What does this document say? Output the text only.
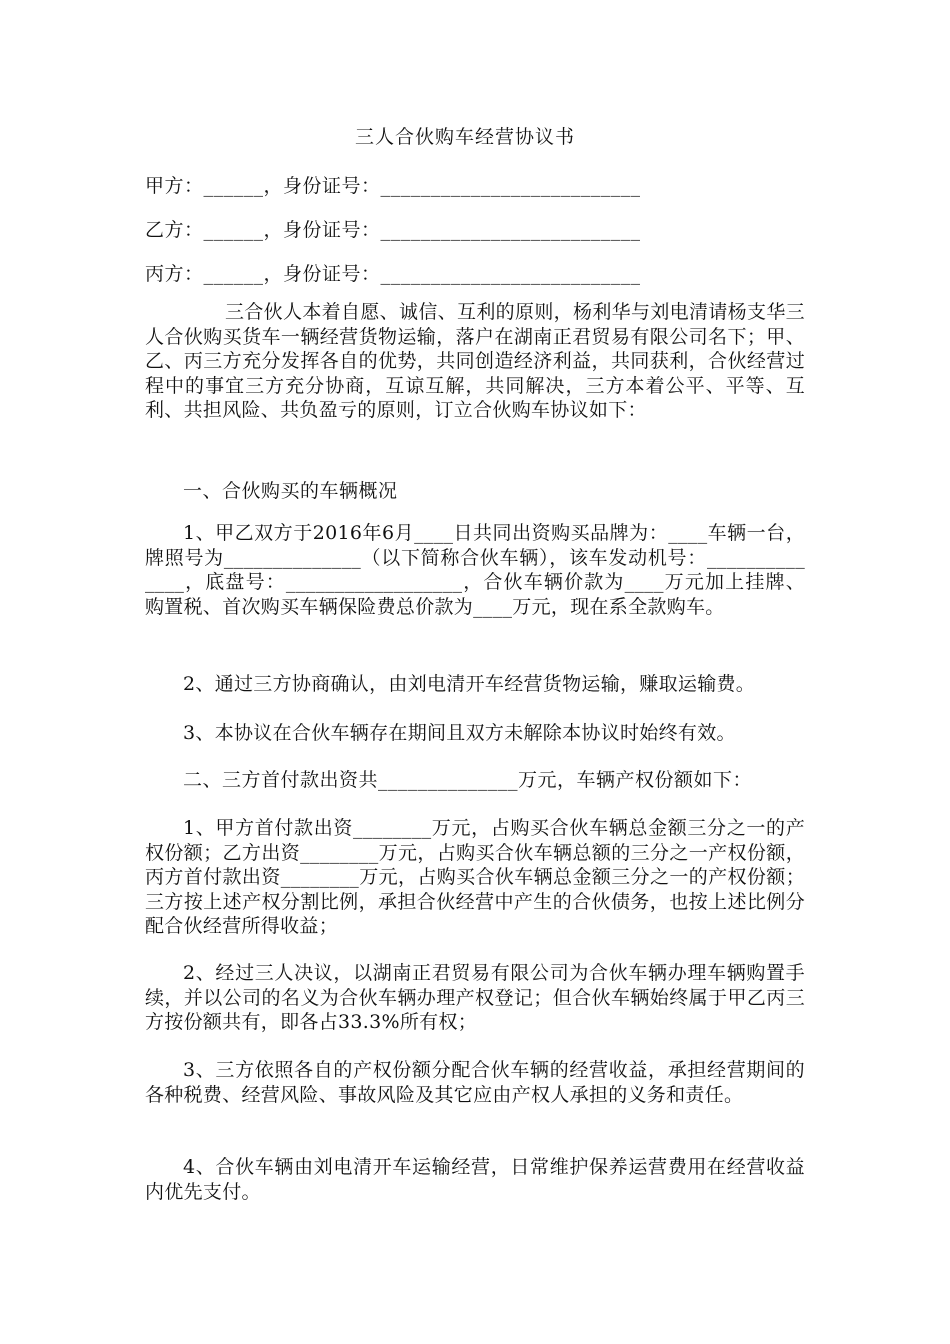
三人合伙购车经营协议书
甲方：______，身份证号：__________________________
乙方：______，身份证号：__________________________
丙方：______，身份证号：__________________________
三合伙人本着自愿、诚信、互利的原则，杨利华与刘电清请杨支华三人合伙购买货车一辆经营货物运输，落户在湖南正君贸易有限公司名下；甲、乙、丙三方充分发挥各自的优势，共同创造经济利益，共同获利，合伙经营过程中的事宜三方充分协商，互谅互解，共同解决，三方本着公平、平等、互利、共担风险、共负盈亏的原则，订立合伙购车协议如下：
一、合伙购买的车辆概况
1、甲乙双方于2016年6月____日共同出资购买品牌为：____车辆一台，牌照号为______________（以下简称合伙车辆），该车发动机号：______________，底盘号：__________________，合伙车辆价款为____万元加上挂牌、购置税、首次购买车辆保险费总价款为____万元，现在系全款购车。
2、通过三方协商确认，由刘电清开车经营货物运输，赚取运输费。
3、本协议在合伙车辆存在期间且双方未解除本协议时始终有效。
二、三方首付款出资共______________万元，车辆产权份额如下：
1、甲方首付款出资________万元，占购买合伙车辆总金额三分之一的产权份额；乙方出资________万元，占购买合伙车辆总额的三分之一产权份额，丙方首付款出资________万元，占购买合伙车辆总金额三分之一的产权份额；三方按上述产权分割比例，承担合伙经营中产生的合伙债务，也按上述比例分配合伙经营所得收益；
2、经过三人决议，以湖南正君贸易有限公司为合伙车辆办理车辆购置手续，并以公司的名义为合伙车辆办理产权登记；但合伙车辆始终属于甲乙丙三方按份额共有，即各占33.3%所有权；
3、三方依照各自的产权份额分配合伙车辆的经营收益，承担经营期间的各种税费、经营风险、事故风险及其它应由产权人承担的义务和责任。
4、合伙车辆由刘电清开车运输经营，日常维护保养运营费用在经营收益内优先支付。
